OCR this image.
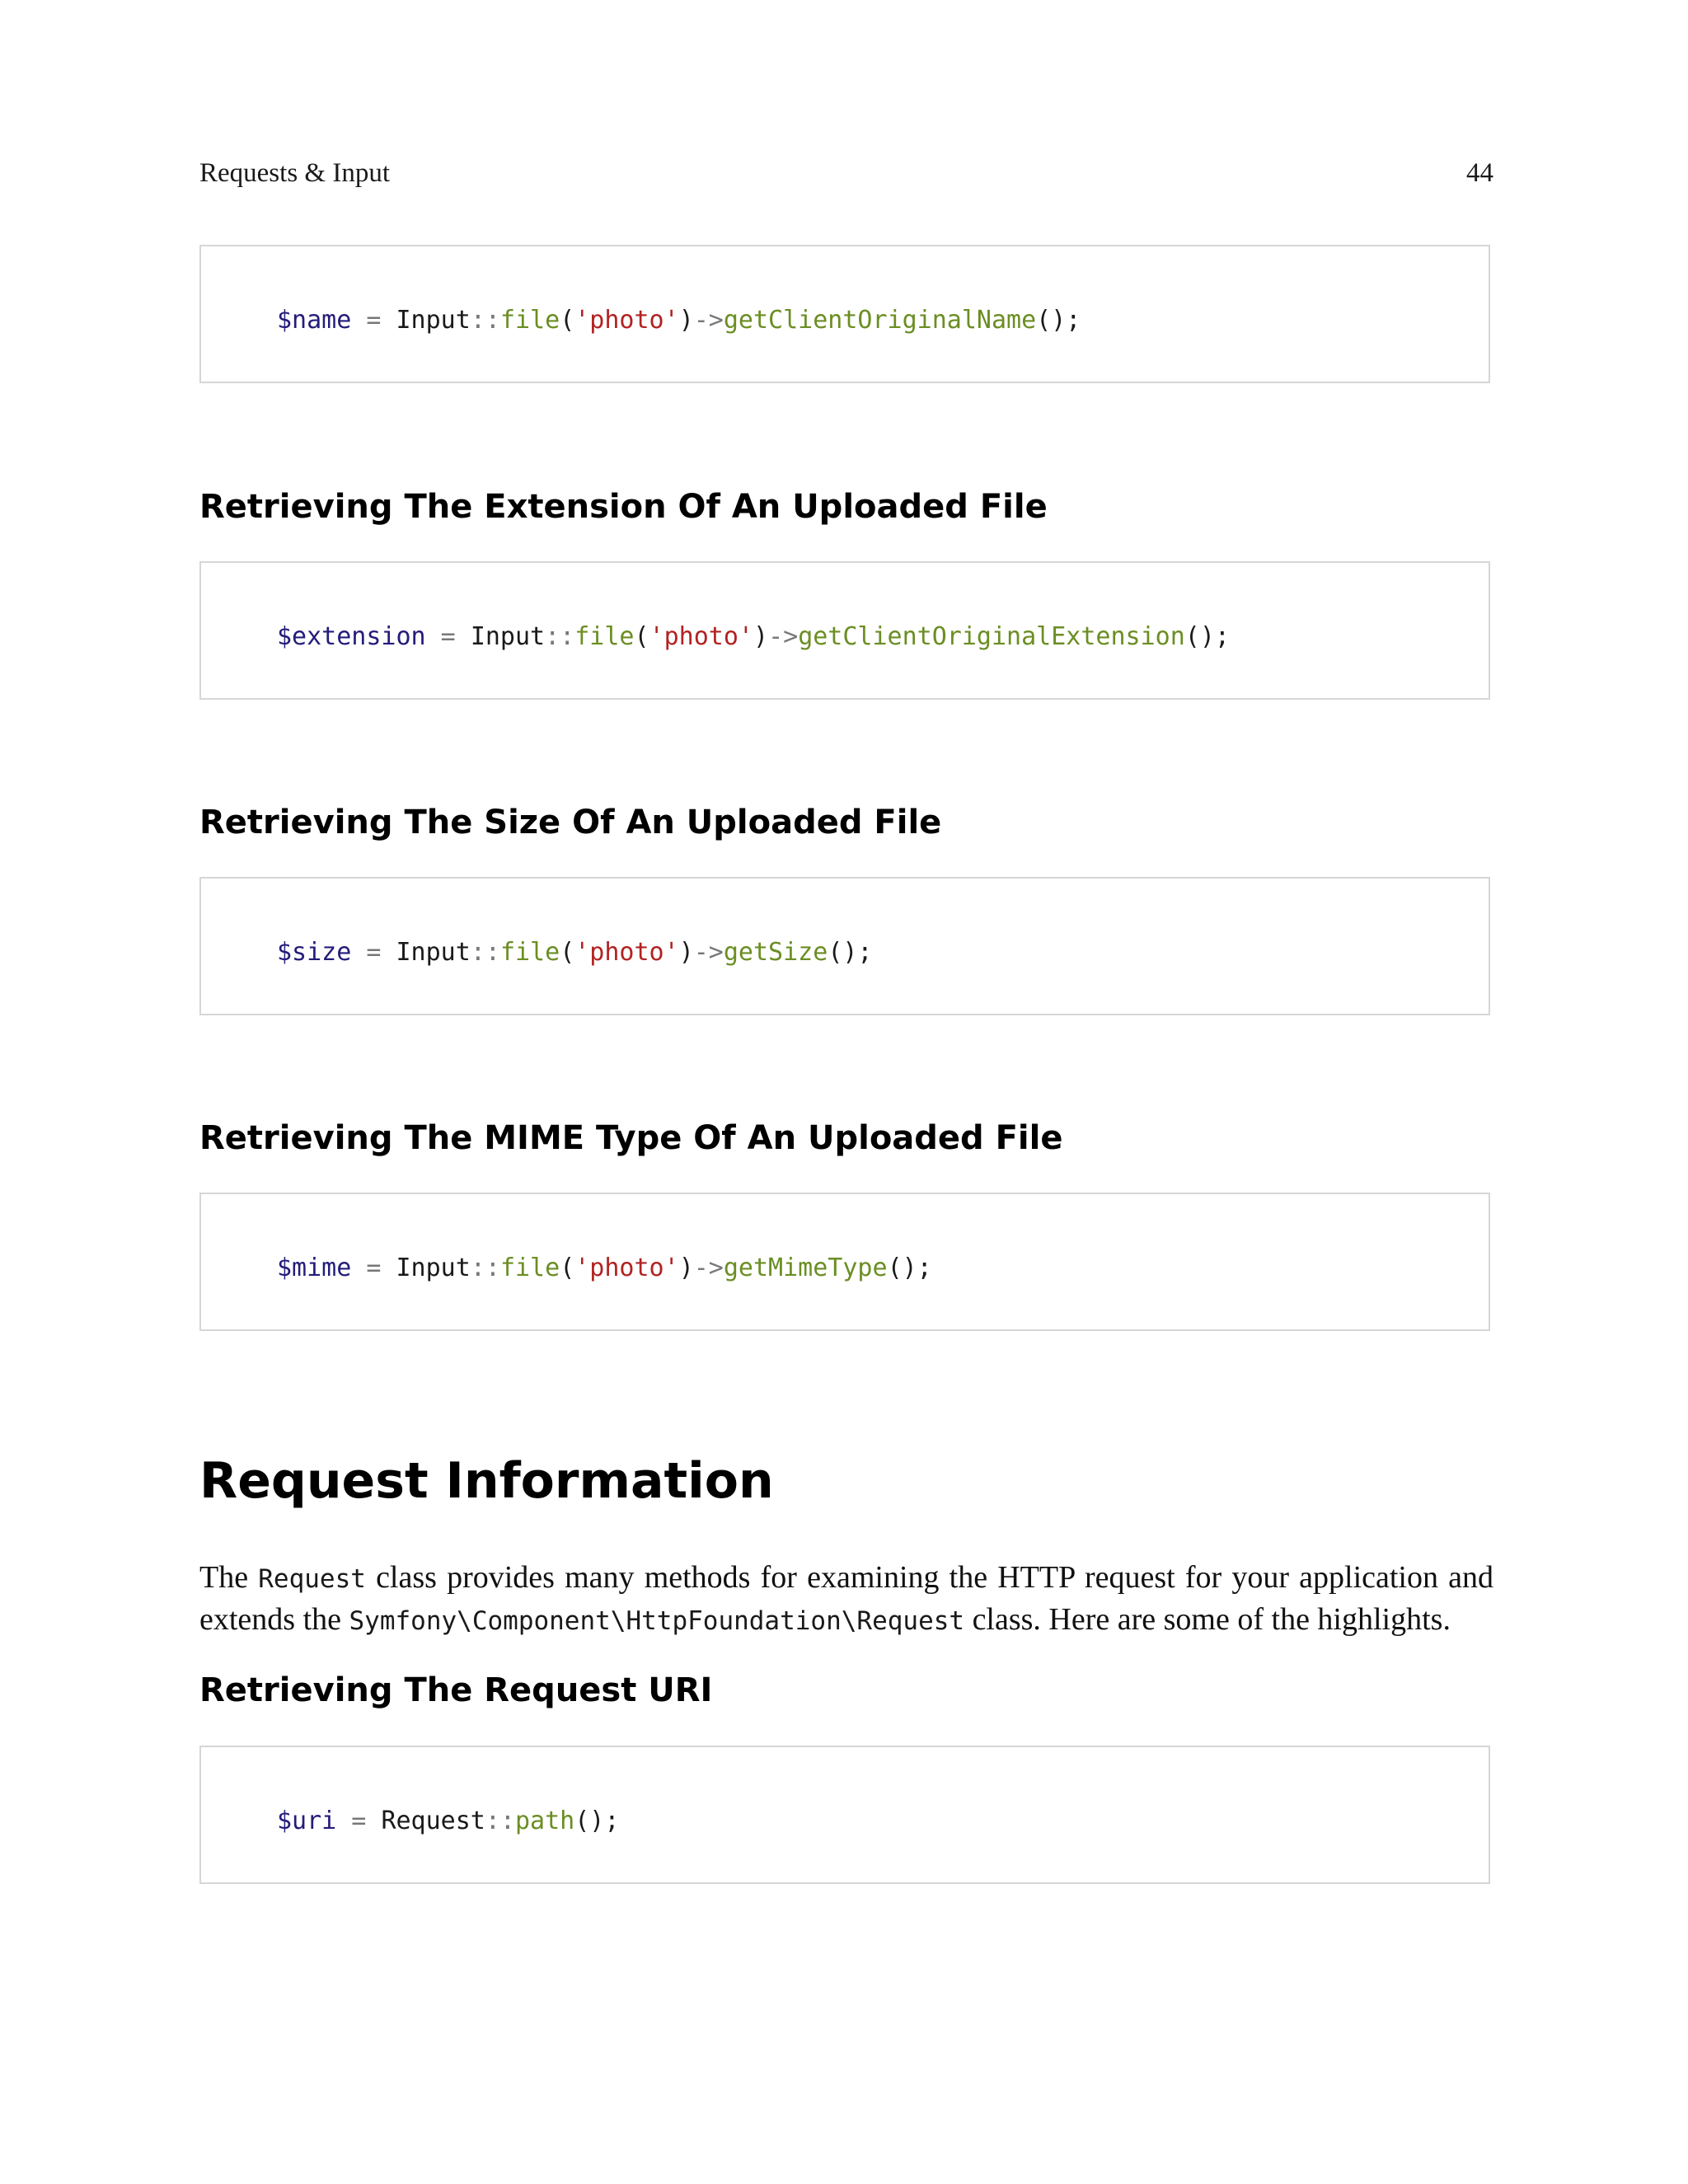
Requests & Input	44
$name = Input::file('photo')->getClientOriginalName();
Retrieving The Extension Of An Uploaded File
$extension = Input::file('photo')->getClientOriginalExtension();
Retrieving The Size Of An Uploaded File
$size = Input::file('photo')->getSize();
Retrieving The MIME Type Of An Uploaded File
$mime = Input::file('photo')->getMimeType();
Request Information
The Request class provides many methods for examining the HTTP request for your application and extends the Symfony\Component\HttpFoundation\Request class. Here are some of the highlights.
Retrieving The Request URI
$uri = Request::path();
